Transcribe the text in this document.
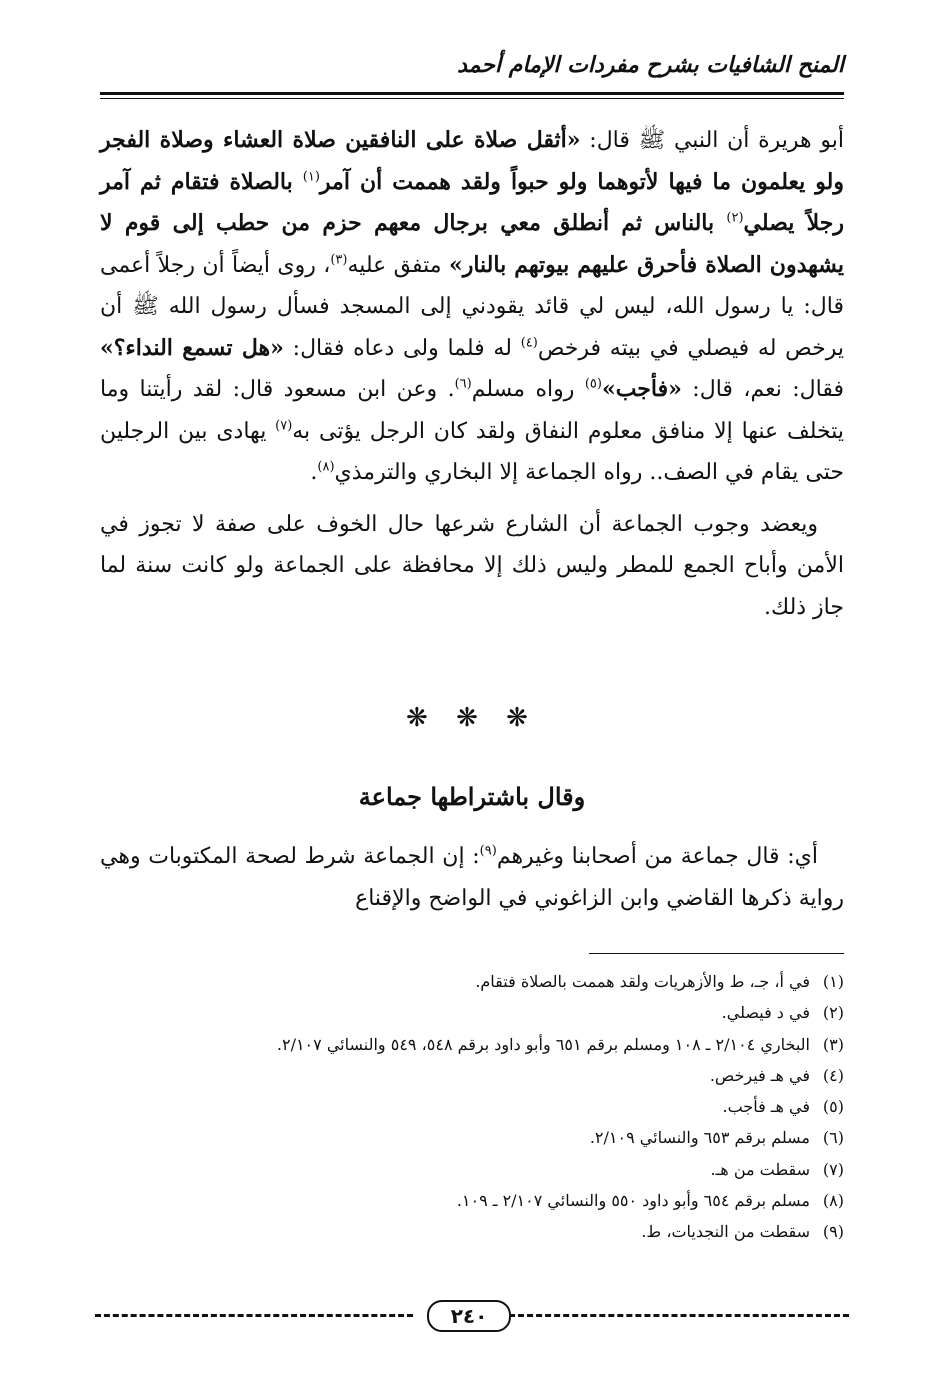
المنح الشافيات بشرح مفردات الإمام أحمد

أبو هريرة أن النبي ﷺ قال: «أثقل صلاة على النافقين صلاة العشاء وصلاة الفجر ولو يعلمون ما فيها لأتوهما ولو حبواً ولقد هممت أن آمر$^{(١)}$ بالصلاة فتقام ثم آمر رجلاً يصلي$^{(٢)}$ بالناس ثم أنطلق معي برجال معهم حزم من حطب إلى قوم لا يشهدون الصلاة فأحرق عليهم بيوتهم بالنار» متفق عليه$^{(٣)}$، روى أيضاً أن رجلاً أعمى قال: يا رسول الله، ليس لي قائد يقودني إلى المسجد فسأل رسول الله ﷺ أن يرخص له فيصلي في بيته فرخص$^{(٤)}$ له فلما ولى دعاه فقال: «هل تسمع النداء؟» فقال: نعم، قال: «فأجب»$^{(٥)}$ رواه مسلم$^{(٦)}$. وعن ابن مسعود قال: لقد رأيتنا وما يتخلف عنها إلا منافق معلوم النفاق ولقد كان الرجل يؤتى به$^{(٧)}$ يهادى بين الرجلين حتى يقام في الصف.. رواه الجماعة إلا البخاري والترمذي$^{(٨)}$.

ويعضد وجوب الجماعة أن الشارع شرعها حال الخوف على صفة لا تجوز في الأمن وأباح الجمع للمطر وليس ذلك إلا محافظة على الجماعة ولو كانت سنة لما جاز ذلك.

❋ ❋ ❋
وقال باشتراطها جماعة

أي: قال جماعة من أصحابنا وغيرهم$^{(٩)}$: إن الجماعة شرط لصحة المكتوبات وهي رواية ذكرها القاضي وابن الزاغوني في الواضح والإقناع

(١)في أ، جـ، ط والأزهريات ولقد هممت بالصلاة فتقام.
(٢)في د فيصلي.
(٣)البخاري ٢/١٠٤ ـ ١٠٨ ومسلم برقم ٦٥١ وأبو داود برقم ٥٤٨، ٥٤٩ والنسائي ٢/١٠٧.
(٤)في هـ فيرخص.
(٥)في هـ فأجب.
(٦)مسلم برقم ٦٥٣ والنسائي ٢/١٠٩.
(٧)سقطت من هـ.
(٨)مسلم برقم ٦٥٤ وأبو داود ٥٥٠ والنسائي ٢/١٠٧ ـ ١٠٩.
(٩)سقطت من النجديات، ط.
٢٤٠
